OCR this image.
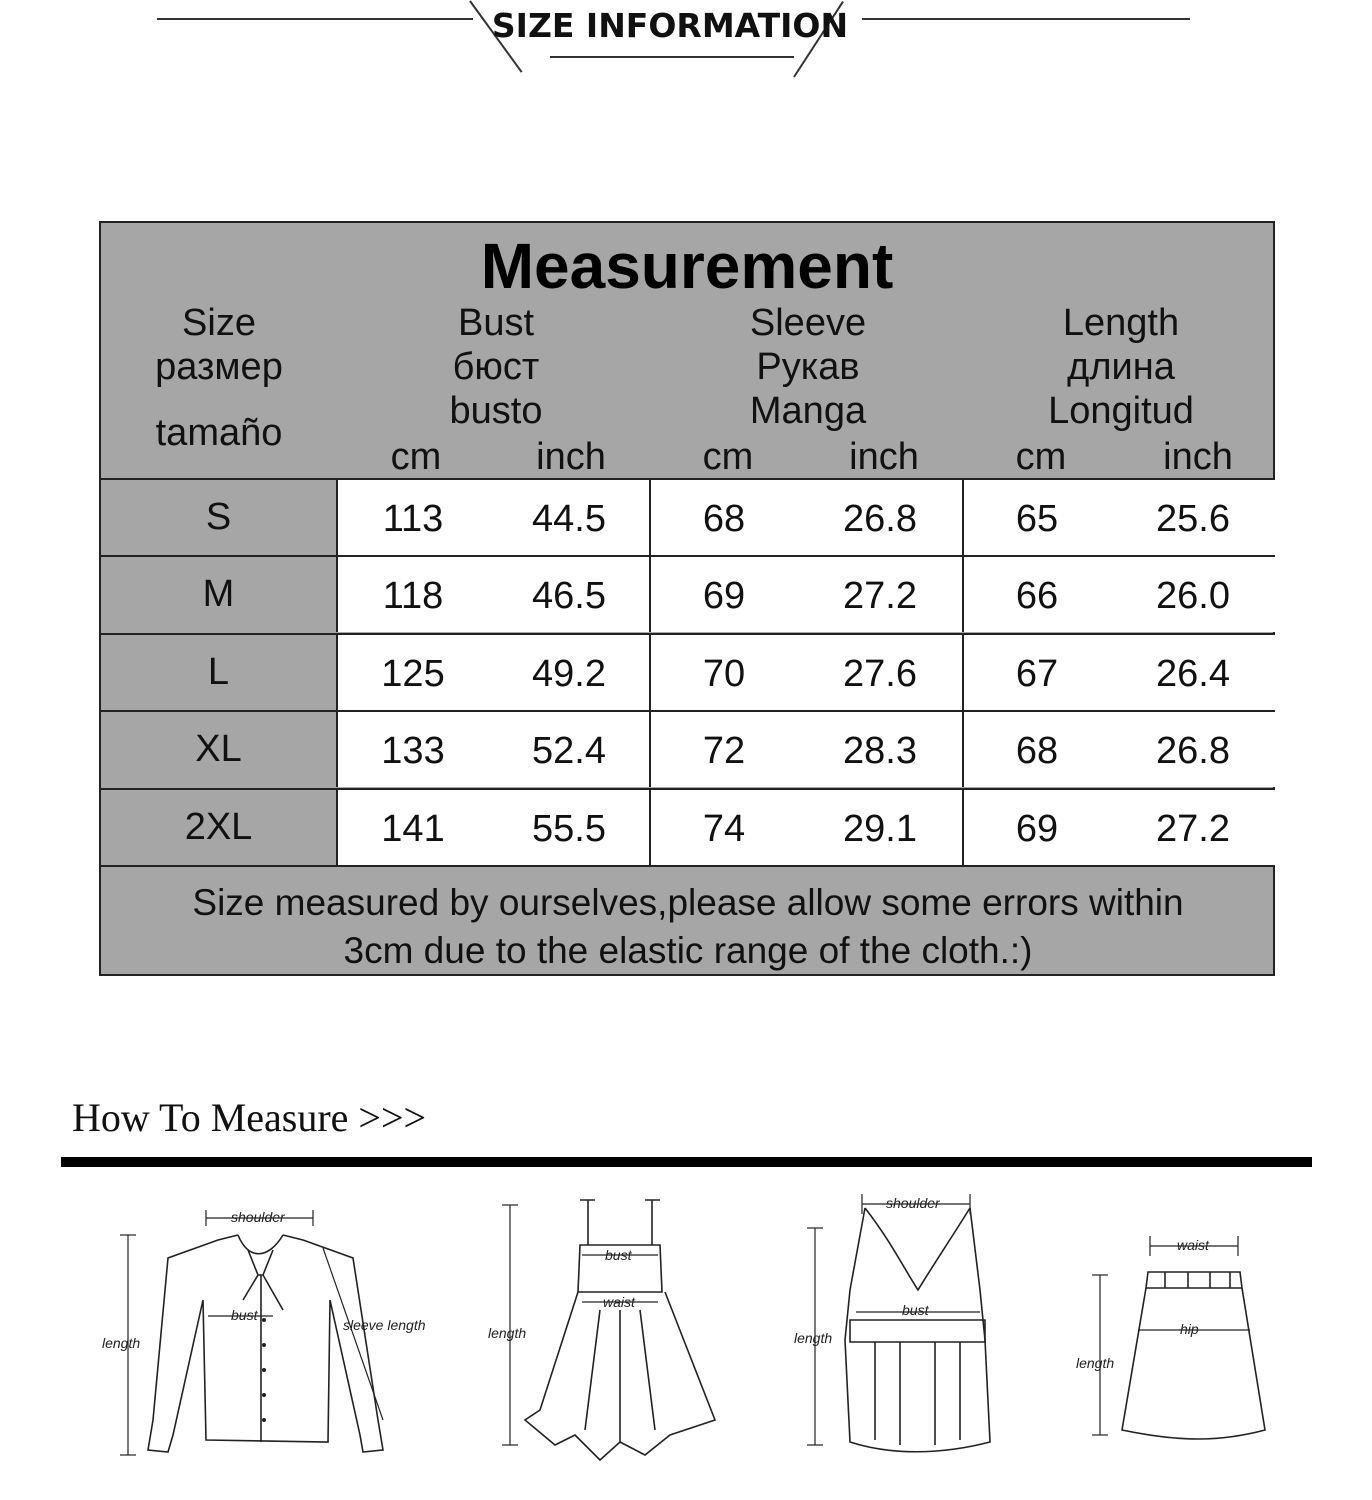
SIZE INFORMATION
Measurement
Size
размер
tamaño
Bust
бюст
busto
Sleeve
Рукав
Manga
Length
длина
Longitud
cm	inch	cm	inch	cm	inch
S	113	44.5	68	26.8	65	25.6
M	118	46.5	69	27.2	66	26.0
L	125	49.2	70	27.6	67	26.4
XL	133	52.4	72	28.3	68	26.8
2XL	141	55.5	74	29.1	69	27.2
Size measured by ourselves,please allow some errors within
3cm due to the elastic range of the cloth.:)
How To Measure >>>
shoulder
bust
sleeve length
length
bust
waist
length
shoulder
bust
length
waist
hip
length
